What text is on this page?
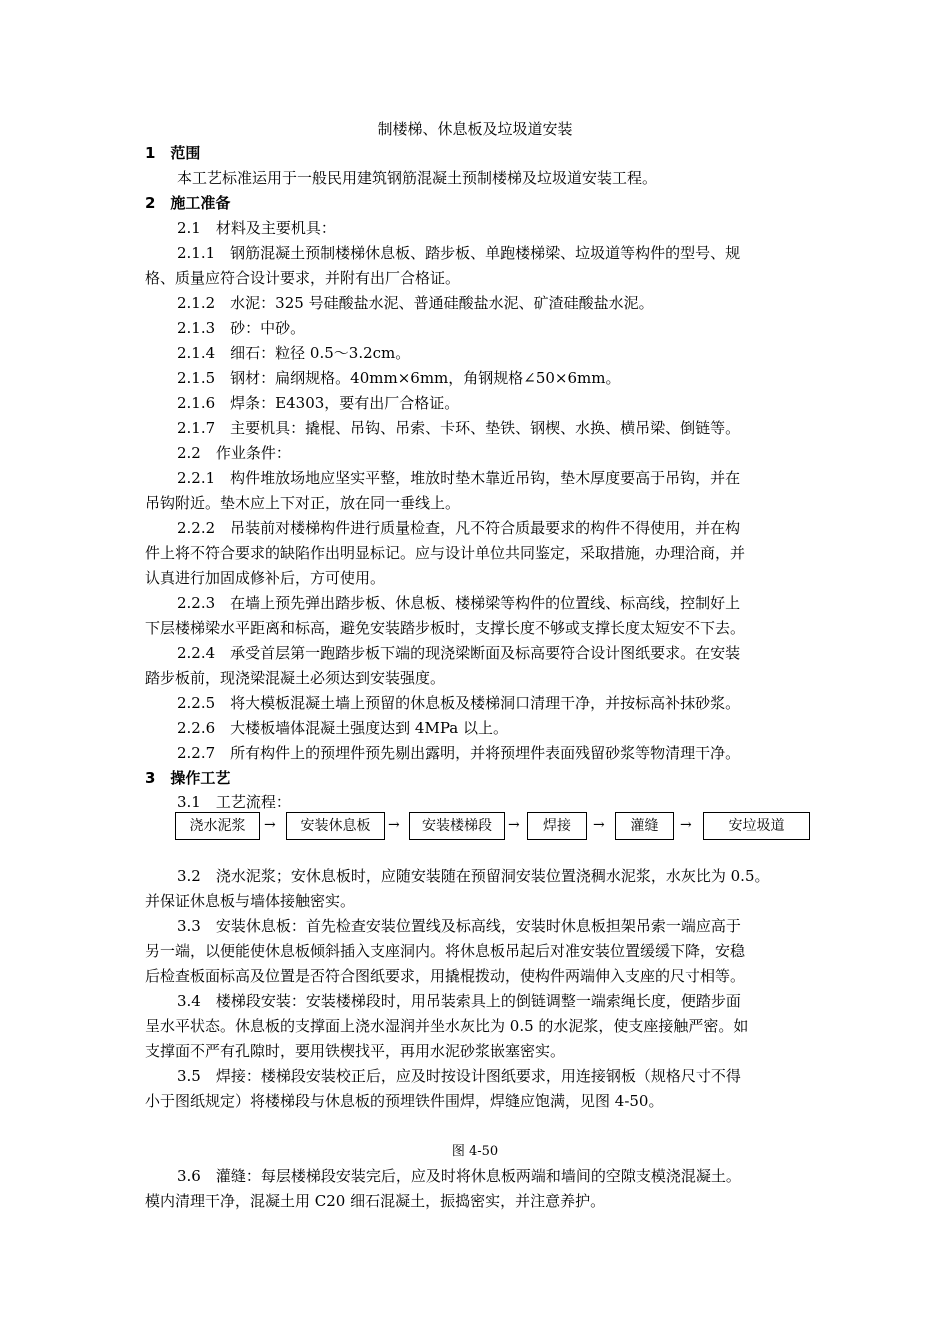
制楼梯、休息板及垃圾道安装
1　范围
本工艺标准运用于一般民用建筑钢筋混凝土预制楼梯及垃圾道安装工程。
2　施工准备
2.1　材料及主要机具：
2.1.1　钢筋混凝土预制楼梯休息板、踏步板、单跑楼梯梁、垃圾道等构件的型号、规
格、质量应符合设计要求，并附有出厂合格证。
2.1.2　水泥：325 号硅酸盐水泥、普通硅酸盐水泥、矿渣硅酸盐水泥。
2.1.3　砂：中砂。
2.1.4　细石：粒径 0.5～3.2cm。
2.1.5　钢材：扁纲规格。40mm×6mm，角钢规格∠50×6mm。
2.1.6　焊条：E4303，要有出厂合格证。
2.1.7　主要机具：撬棍、吊钩、吊索、卡环、垫铁、钢楔、水换、横吊梁、倒链等。
2.2　作业条件：
2.2.1　构件堆放场地应坚实平整，堆放时垫木靠近吊钩，垫木厚度要高于吊钩，并在
吊钩附近。垫木应上下对正，放在同一垂线上。
2.2.2　吊装前对楼梯构件进行质量检查，凡不符合质最要求的构件不得使用，并在构
件上将不符合要求的缺陷作出明显标记。应与设计单位共同鉴定，采取措施，办理洽商，并
认真进行加固成修补后，方可使用。
2.2.3　在墙上预先弹出踏步板、休息板、楼梯梁等构件的位置线、标高线，控制好上
下层楼梯梁水平距离和标高，避免安装踏步板时，支撑长度不够或支撑长度太短安不下去。
2.2.4　承受首层第一跑踏步板下端的现浇梁断面及标高要符合设计图纸要求。在安装
踏步板前，现浇梁混凝土必须达到安装强度。
2.2.5　将大模板混凝土墙上预留的休息板及楼梯洞口清理干净，并按标高补抹砂浆。
2.2.6　大楼板墙体混凝土强度达到 4MPa 以上。
2.2.7　所有构件上的预埋件预先剔出露明，并将预埋件表面残留砂浆等物清理干净。
3　操作工艺
3.1　工艺流程：
浇水泥浆	→	安装休息板	→	安装楼梯段	→	焊接	→	灌缝	→	安垃圾道
3.2　浇水泥浆；安休息板时，应随安装随在预留洞安装位置浇稠水泥浆，水灰比为 0.5。
并保证休息板与墙体接触密实。
3.3　安装休息板：首先检查安装位置线及标高线，安装时休息板担架吊索一端应高于
另一端，以便能使休息板倾斜插入支座洞内。将休息板吊起后对准安装位置缓缓下降，安稳
后检查板面标高及位置是否符合图纸要求，用撬棍拨动，使构件两端伸入支座的尺寸相等。
3.4　楼梯段安装：安装楼梯段时，用吊装索具上的倒链调整一端索绳长度，便踏步面
呈水平状态。休息板的支撑面上浇水湿润并坐水灰比为 0.5 的水泥浆，使支座接触严密。如
支撑面不严有孔隙时，要用铁楔找平，再用水泥砂浆嵌塞密实。
3.5　焊接：楼梯段安装校正后，应及时按设计图纸要求，用连接钢板（规格尺寸不得
小于图纸规定）将楼梯段与休息板的预埋铁件围焊，焊缝应饱满，见图 4-50。
图 4-50
3.6　灌缝：每层楼梯段安装完后，应及时将休息板两端和墙间的空隙支模浇混凝土。
模内清理干净，混凝土用 C20 细石混凝土，振捣密实，并注意养护。
